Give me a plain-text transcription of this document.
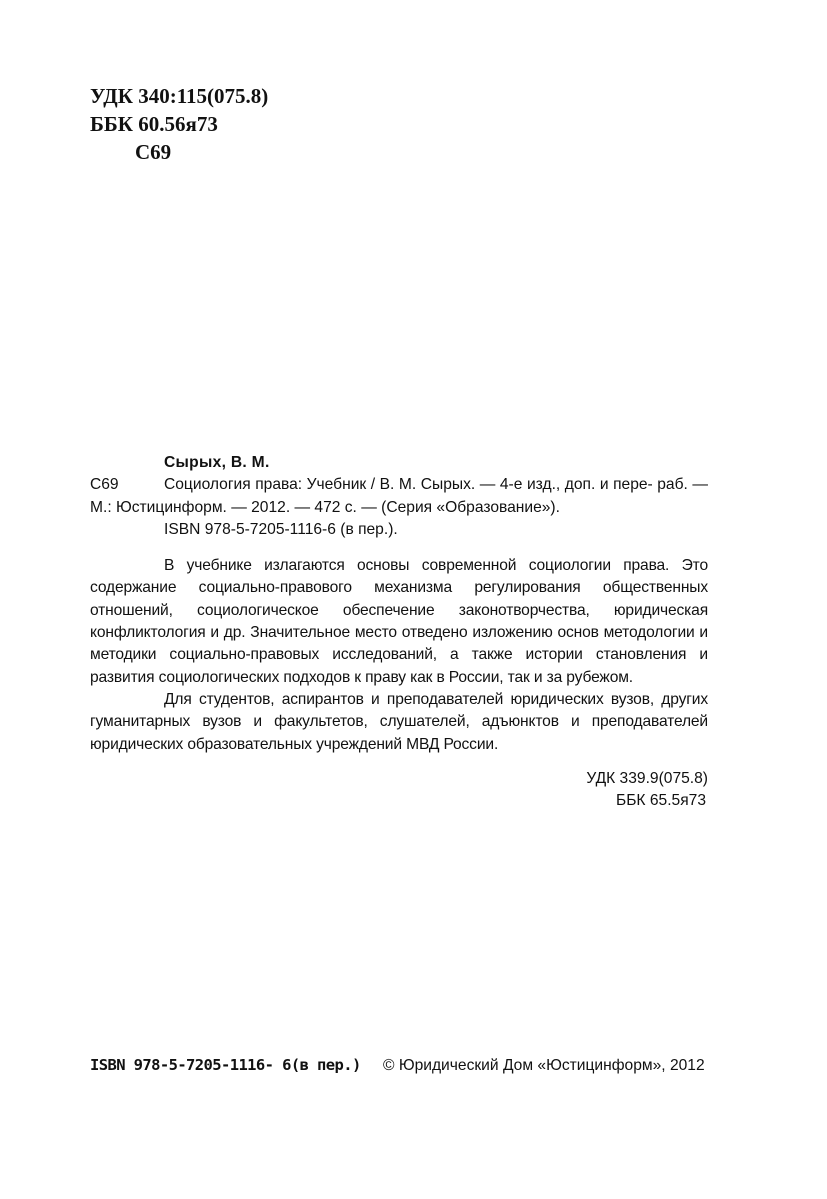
УДК 340:115(075.8)
ББК 60.56я73
С69
Сырых, В. М.
С69	Социология права: Учебник / В. М. Сырых. — 4-е изд., доп. и пере- раб. — М.: Юстицинформ. — 2012. — 472 с. — (Серия «Образование»).
ISBN 978-5-7205-1116-6 (в пер.).

В учебнике излагаются основы современной социологии права. Это содержание социально-правового механизма регулирования общественных отношений, социологическое обеспечение законотворчества, юридическая конфликтология и др. Значительное место отведено изложению основ методологии и методики социально-правовых исследований, а также истории становления и развития социологических подходов к праву как в России, так и за рубежом.

Для студентов, аспирантов и преподавателей юридических вузов, других гуманитарных вузов и факультетов, слушателей, адъюнктов и преподавателей юридических образовательных учреждений МВД России.

УДК 339.9(075.8)
ББК 65.5я73
ISBN 978-5-7205-1116- 6(в пер.) © Юридический Дом «Юстицинформ», 2012
